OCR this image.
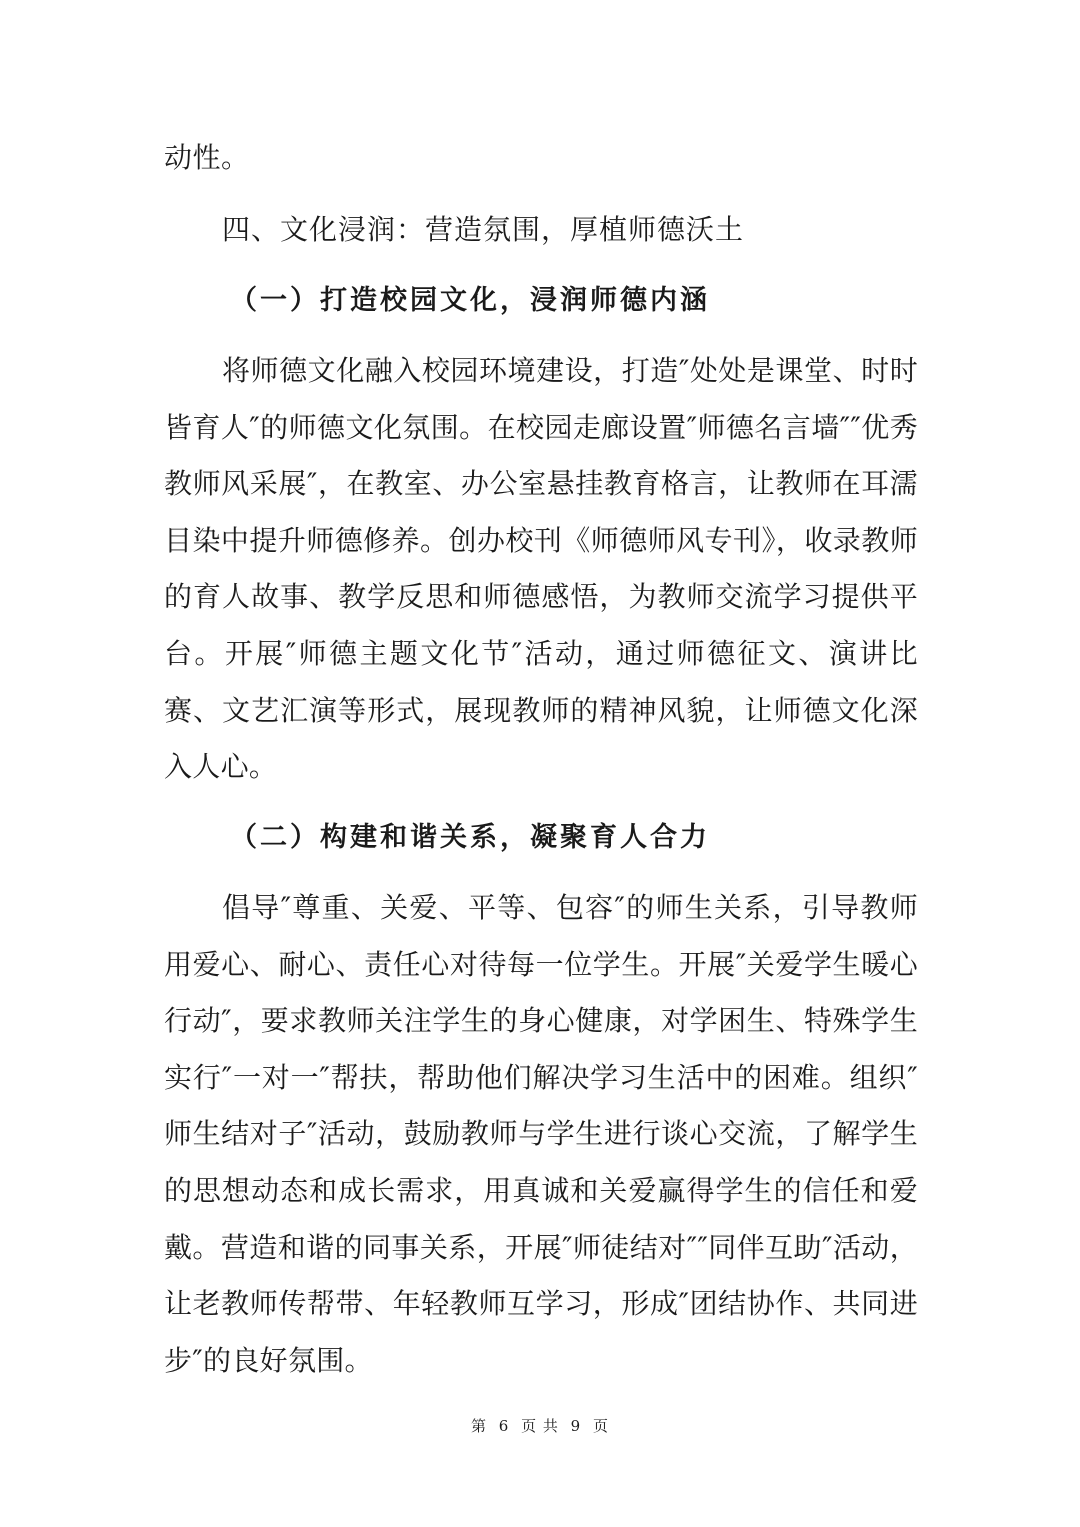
动性。

四、文化浸润：营造氛围，厚植师德沃土
（一）打造校园文化，浸润师德内涵

将师德文化融入校园环境建设，打造″处处是课堂、时时皆育人″的师德文化氛围。在校园走廊设置″师德名言墙″″优秀教师风采展″，在教室、办公室悬挂教育格言，让教师在耳濡目染中提升师德修养。创办校刊《师德师风专刊》，收录教师的育人故事、教学反思和师德感悟，为教师交流学习提供平台。开展″师德主题文化节″活动，通过师德征文、演讲比赛、文艺汇演等形式，展现教师的精神风貌，让师德文化深入人心。

（二）构建和谐关系，凝聚育人合力

倡导″尊重、关爱、平等、包容″的师生关系，引导教师用爱心、耐心、责任心对待每一位学生。开展″关爱学生暖心行动″，要求教师关注学生的身心健康，对学困生、特殊学生实行″一对一″帮扶，帮助他们解决学习生活中的困难。组织″师生结对子″活动，鼓励教师与学生进行谈心交流，了解学生的思想动态和成长需求，用真诚和关爱赢得学生的信任和爱戴。营造和谐的同事关系，开展″师徒结对″″同伴互助″活动，让老教师传帮带、年轻教师互学习，形成″团结协作、共同进步″的良好氛围。

第 6 页 共 9 页
